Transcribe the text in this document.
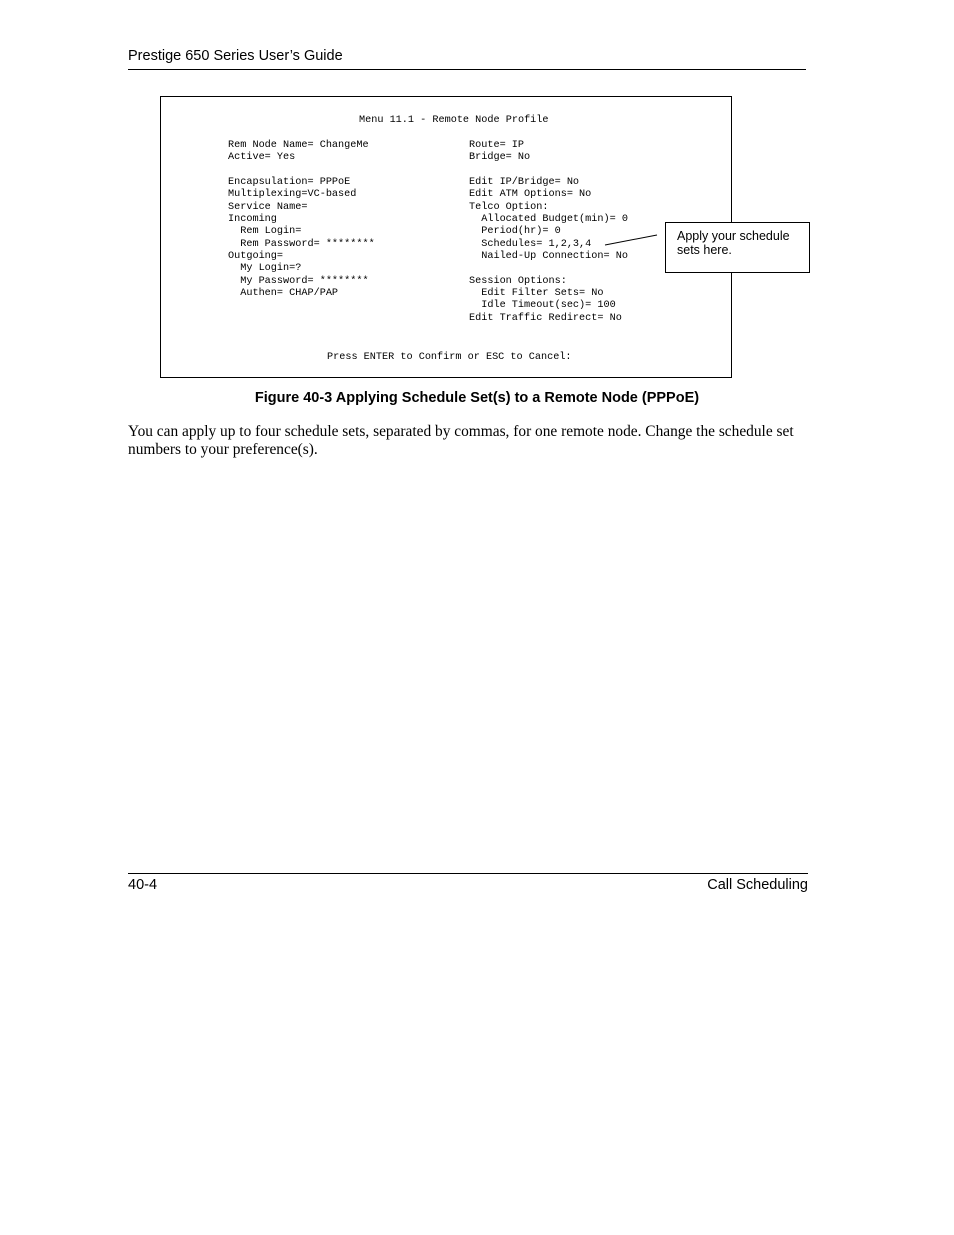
Prestige 650 Series User’s Guide
Menu 11.1 - Remote Node Profile
Rem Node Name= ChangeMe
Active= Yes
Encapsulation= PPPoE
Multiplexing=VC-based
Service Name=
Incoming
Rem Login=
Rem Password= ********
Outgoing=
My Login=?
My Password= ********
Authen= CHAP/PAP
Route= IP
Bridge= No
Edit IP/Bridge= No
Edit ATM Options= No
Telco Option:
Allocated Budget(min)= 0
Period(hr)= 0
Schedules= 1,2,3,4
Nailed-Up Connection= No
Session Options:
Edit Filter Sets= No
Idle Timeout(sec)= 100
Edit Traffic Redirect= No
Press ENTER to Confirm or ESC to Cancel:
Apply your schedule sets here.
Figure 40-3 Applying Schedule Set(s) to a Remote Node (PPPoE)
You can apply up to four schedule sets, separated by commas, for one remote node. Change the schedule set numbers to your preference(s).
40-4	Call Scheduling
